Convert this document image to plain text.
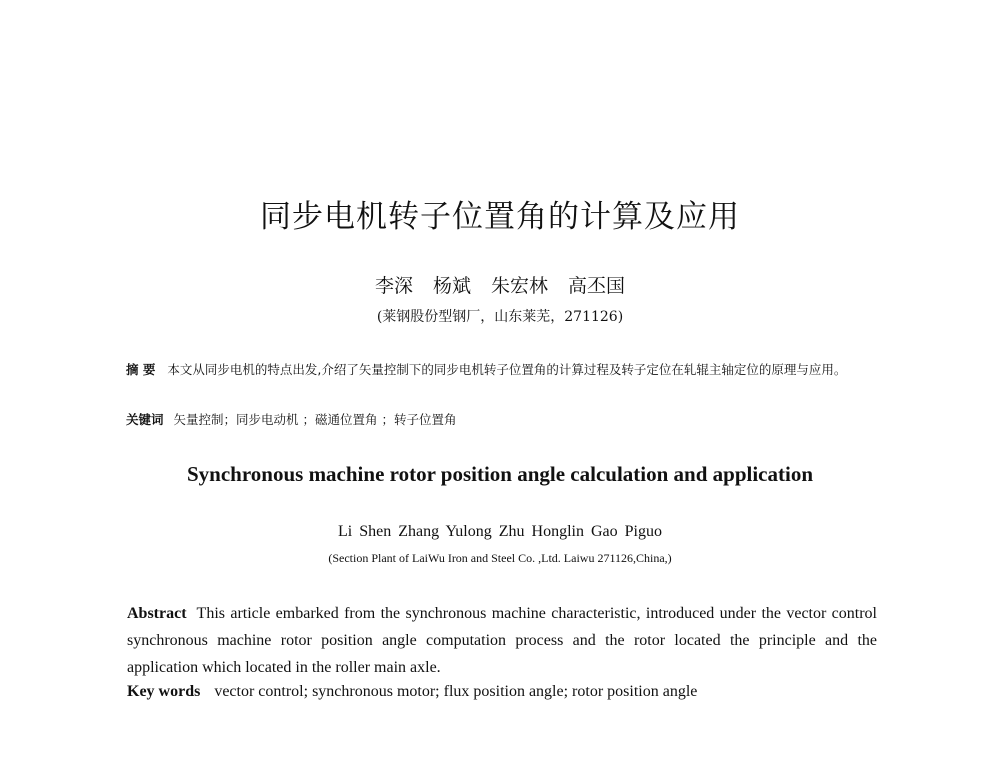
同步电机转子位置角的计算及应用
李深 杨斌 朱宏林 高丕国
(莱钢股份型钢厂，山东莱芜，271126)
摘 要 本文从同步电机的特点出发,介绍了矢量控制下的同步电机转子位置角的计算过程及转子定位在轧辊主轴定位的原理与应用。
关键词 矢量控制；同步电动机 ；磁通位置角 ；转子位置角
Synchronous machine rotor position angle calculation and application
Li Shen Zhang Yulong Zhu Honglin Gao Piguo
(Section Plant of LaiWu Iron and Steel Co. ,Ltd. Laiwu 271126,China,)
Abstract This article embarked from the synchronous machine characteristic, introduced under the vector control synchronous machine rotor position angle computation process and the rotor located the principle and the application which located in the roller main axle.
Key words vector control; synchronous motor; flux position angle; rotor position angle
